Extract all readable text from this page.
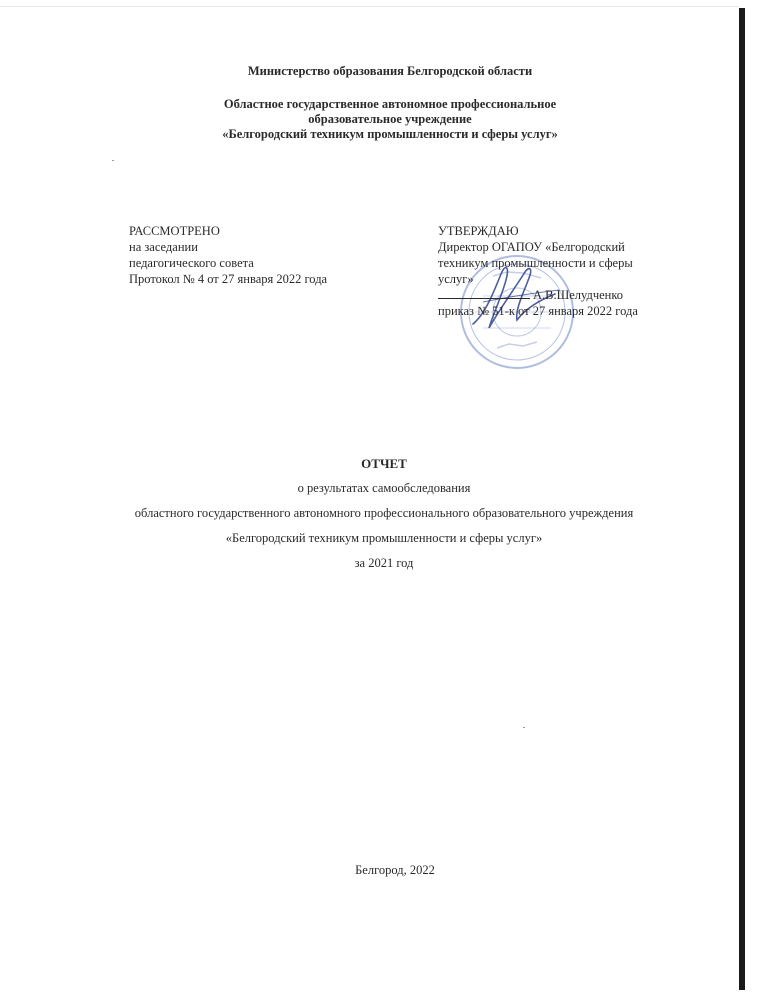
Министерство образования Белгородской области
Областное государственное автономное профессиональное
образовательное учреждение
«Белгородский техникум промышленности и сферы услуг»
РАССМОТРЕНО
на заседании
педагогического совета
Протокол № 4 от 27 января 2022 года
УТВЕРЖДАЮ
Директор ОГАПОУ «Белгородский
техникум промышленности и сферы
услуг»
А.В.Шелудченко
приказ № 51-к от 27 января 2022 года
ОТЧЕТ
о результатах самообследования
областного государственного автономного профессионального образовательного учреждения
«Белгородский техникум промышленности и сферы услуг»
за 2021 год
Белгород, 2022
